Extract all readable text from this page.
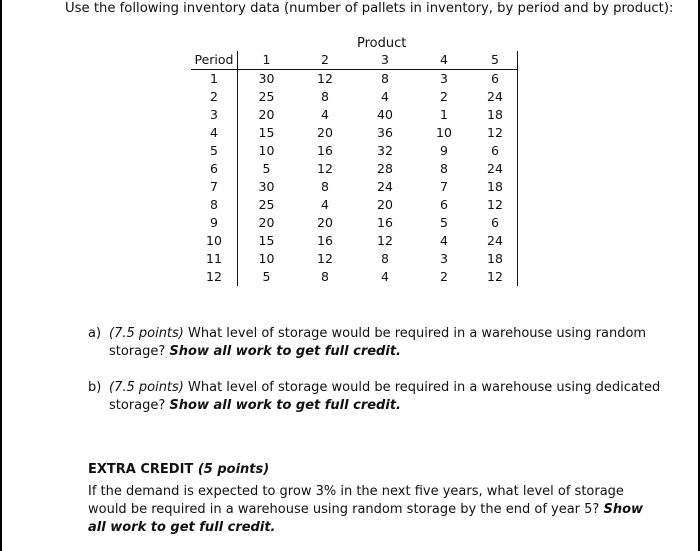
Use the following inventory data (number of pallets in inventory, by period and by product):
Product
Period	1	2	3	4	5
1	30	12	8	3	6
2	25	8	4	2	24
3	20	4	40	1	18
4	15	20	36	10	12
5	10	16	32	9	6
6	5	12	28	8	24
7	30	8	24	7	18
8	25	4	20	6	12
9	20	20	16	5	6
10	15	16	12	4	24
11	10	12	8	3	18
12	5	8	4	2	12
a) (7.5 points) What level of storage would be required in a warehouse using random storage? Show all work to get full credit.
b) (7.5 points) What level of storage would be required in a warehouse using dedicated storage? Show all work to get full credit.
EXTRA CREDIT (5 points)
If the demand is expected to grow 3% in the next five years, what level of storage would be required in a warehouse using random storage by the end of year 5? Show all work to get full credit.
